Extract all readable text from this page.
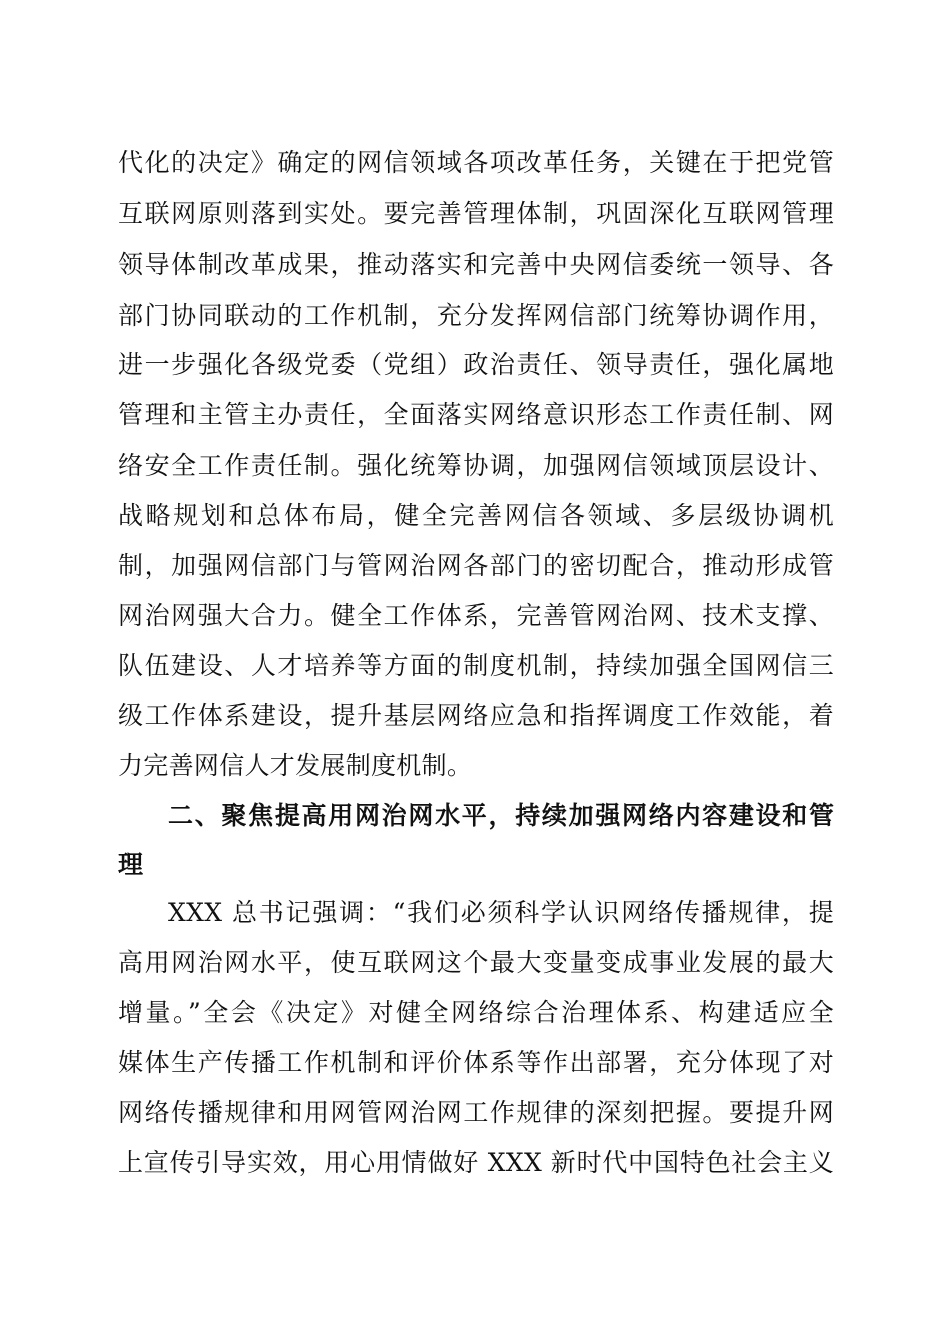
代化的决定》确定的网信领域各项改革任务，关键在于把党管
互联网原则落到实处。要完善管理体制，巩固深化互联网管理
领导体制改革成果，推动落实和完善中央网信委统一领导、各
部门协同联动的工作机制，充分发挥网信部门统筹协调作用，
进一步强化各级党委（党组）政治责任、领导责任，强化属地
管理和主管主办责任，全面落实网络意识形态工作责任制、网
络安全工作责任制。强化统筹协调，加强网信领域顶层设计、
战略规划和总体布局，健全完善网信各领域、多层级协调机
制，加强网信部门与管网治网各部门的密切配合，推动形成管
网治网强大合力。健全工作体系，完善管网治网、技术支撑、
队伍建设、人才培养等方面的制度机制，持续加强全国网信三
级工作体系建设，提升基层网络应急和指挥调度工作效能，着
力完善网信人才发展制度机制。
二、聚焦提高用网治网水平，持续加强网络内容建设和管
理
XXX 总书记强调：“我们必须科学认识网络传播规律，提
高用网治网水平，使互联网这个最大变量变成事业发展的最大
增量。”全会《决定》对健全网络综合治理体系、构建适应全
媒体生产传播工作机制和评价体系等作出部署，充分体现了对
网络传播规律和用网管网治网工作规律的深刻把握。要提升网
上宣传引导实效，用心用情做好 XXX 新时代中国特色社会主义
